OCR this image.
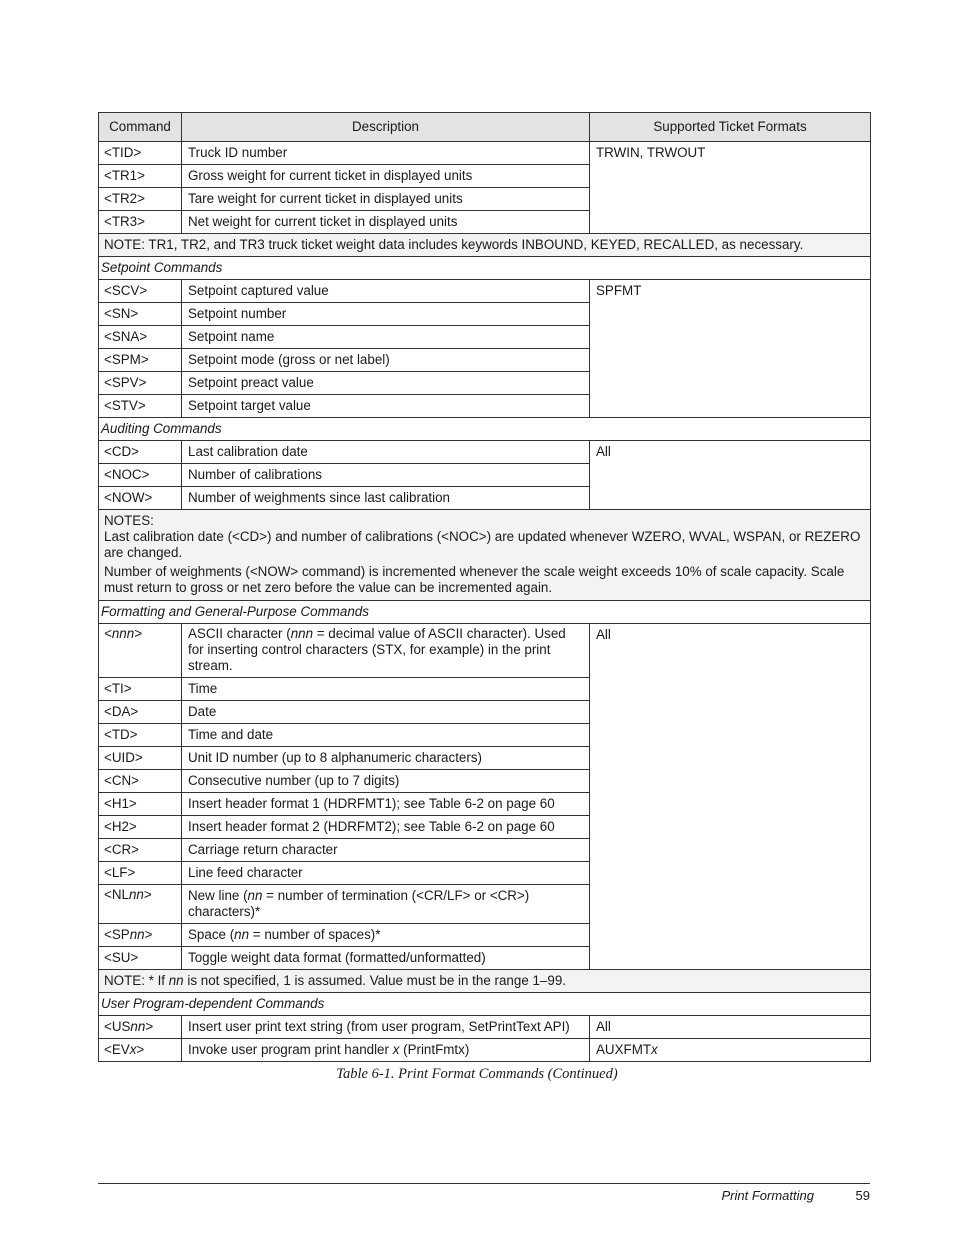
Command	Description	Supported Ticket Formats
<TID>	Truck ID number	TRWIN, TRWOUT
<TR1>	Gross weight for current ticket in displayed units	
<TR2>	Tare weight for current ticket in displayed units	
<TR3>	Net weight for current ticket in displayed units	
NOTE: TR1, TR2, and TR3 truck ticket weight data includes keywords INBOUND, KEYED, RECALLED, as necessary.		
Setpoint Commands		
<SCV>	Setpoint captured value	SPFMT
<SN>	Setpoint number	
<SNA>	Setpoint name	
<SPM>	Setpoint mode (gross or net label)	
<SPV>	Setpoint preact value	
<STV>	Setpoint target value	
Auditing Commands		
<CD>	Last calibration date	All
<NOC>	Number of calibrations	
<NOW>	Number of weighments since last calibration	

NOTES:

Last calibration date (<CD>) and number of calibrations (<NOC>) are updated whenever WZERO, WVAL, WSPAN, or REZERO are changed.

Number of weighments (<NOW> command) is incremented whenever the scale weight exceeds 10% of scale capacity. Scale must return to gross or net zero before the value can be incremented again.		

Formatting and General-Purpose Commands		
<nnn>	ASCII character (nnn = decimal value of ASCII character). Used for inserting control characters (STX, for example) in the print stream.	All
<TI>	Time	
<DA>	Date	
<TD>	Time and date	
<UID>	Unit ID number (up to 8 alphanumeric characters)	
<CN>	Consecutive number (up to 7 digits)	
<H1>	Insert header format 1 (HDRFMT1); see Table 6-2 on page 60	
<H2>	Insert header format 2 (HDRFMT2); see Table 6-2 on page 60	
<CR>	Carriage return character	
<LF>	Line feed character	
<NLnn>	New line (nn = number of termination (<CR/LF> or <CR>) characters)*	
<SPnn>	Space (nn = number of spaces)*	
<SU>	Toggle weight data format (formatted/unformatted)	
NOTE: * If nn is not specified, 1 is assumed. Value must be in the range 1–99.		
User Program-dependent Commands		
<USnn>	Insert user print text string (from user program, SetPrintText API)	All
<EVx>	Invoke user program print handler x (PrintFmtx)	AUXFMTx
Table 6-1. Print Format Commands (Continued)
Print Formatting	59
